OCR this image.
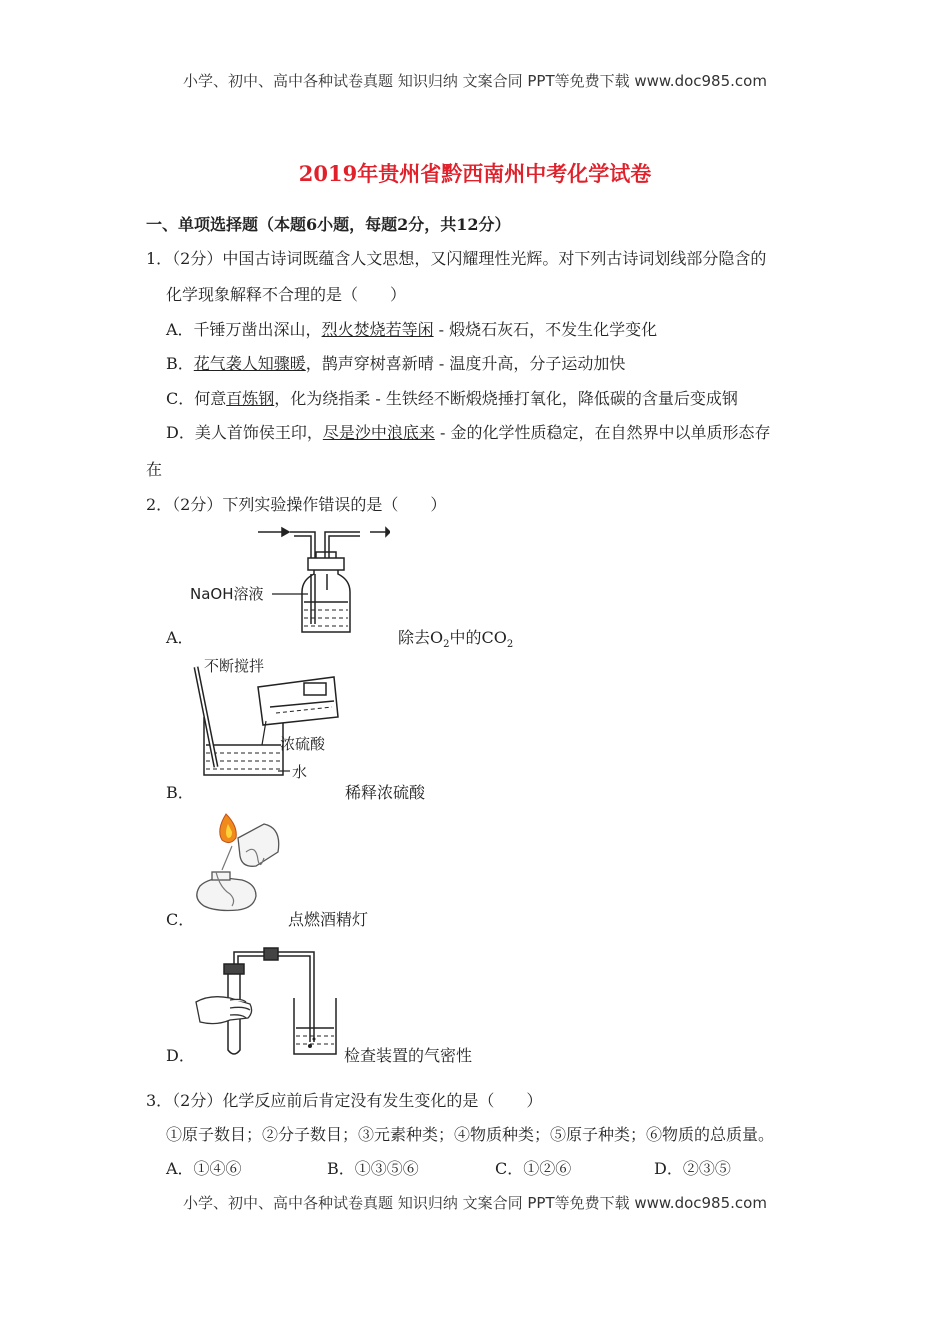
小学、初中、高中各种试卷真题 知识归纳 文案合同 PPT等免费下载 www.doc985.com
2019年贵州省黔西南州中考化学试卷
一、单项选择题（本题6小题，每题2分，共12分）
1．（2分）中国古诗词既蕴含人文思想，又闪耀理性光辉。对下列古诗词划线部分隐含的
化学现象解释不合理的是（　　）
A．千锤万凿出深山，烈火焚烧若等闲 - 煅烧石灰石，不发生化学变化
B．花气袭人知骤暖，鹊声穿树喜新晴 - 温度升高，分子运动加快
C．何意百炼钢，化为绕指柔 - 生铁经不断煅烧捶打氧化，降低碳的含量后变成钢
D．美人首饰侯王印，尽是沙中浪底来 - 金的化学性质稳定，在自然界中以单质形态存
在
2．（2分）下列实验操作错误的是（　　）
NaOH溶液
A．	除去$O_2$中的$CO_2$
不断搅拌
浓硫酸
水
B．	稀释浓硫酸
C．	点燃酒精灯
D．	检查装置的气密性
3．（2分）化学反应前后肯定没有发生变化的是（　　）
①原子数目；②分子数目；③元素种类；④物质种类；⑤原子种类；⑥物质的总质量。
A．①④⑥	B．①③⑤⑥	C．①②⑥	D．②③⑤
小学、初中、高中各种试卷真题 知识归纳 文案合同 PPT等免费下载 www.doc985.com
